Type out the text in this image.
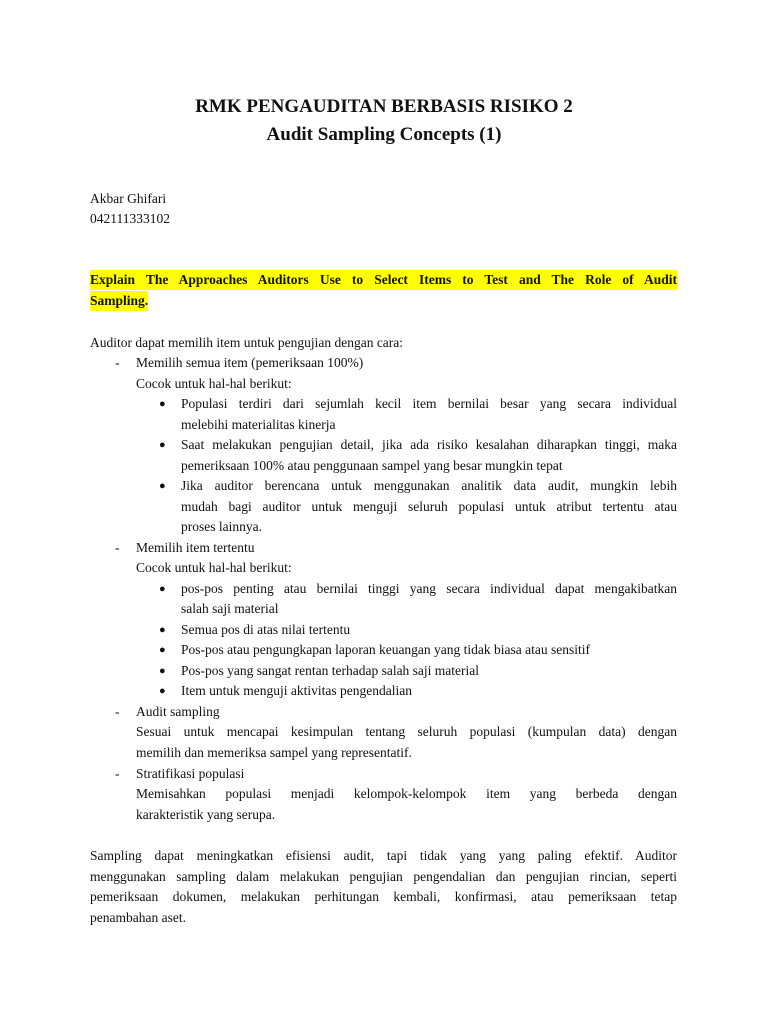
RMK PENGAUDITAN BERBASIS RISIKO 2
Audit Sampling Concepts (1)
Akbar Ghifari
042111333102
Explain The Approaches Auditors Use to Select Items to Test and The Role of Audit
Sampling.
Auditor dapat memilih item untuk pengujian dengan cara:
- Memilih semua item (pemeriksaan 100%)
Cocok untuk hal-hal berikut:
● Populasi terdiri dari sejumlah kecil item bernilai besar yang secara individual
melebihi materialitas kinerja
● Saat melakukan pengujian detail, jika ada risiko kesalahan diharapkan tinggi, maka
pemeriksaan 100% atau penggunaan sampel yang besar mungkin tepat
● Jika auditor berencana untuk menggunakan analitik data audit, mungkin lebih
mudah bagi auditor untuk menguji seluruh populasi untuk atribut tertentu atau
proses lainnya.
- Memilih item tertentu
Cocok untuk hal-hal berikut:
● pos-pos penting atau bernilai tinggi yang secara individual dapat mengakibatkan
salah saji material
● Semua pos di atas nilai tertentu
● Pos-pos atau pengungkapan laporan keuangan yang tidak biasa atau sensitif
● Pos-pos yang sangat rentan terhadap salah saji material
● Item untuk menguji aktivitas pengendalian
- Audit sampling
Sesuai untuk mencapai kesimpulan tentang seluruh populasi (kumpulan data) dengan
memilih dan memeriksa sampel yang representatif.
- Stratifikasi populasi
Memisahkan populasi menjadi kelompok-kelompok item yang berbeda dengan
karakteristik yang serupa.
Sampling dapat meningkatkan efisiensi audit, tapi tidak yang yang paling efektif. Auditor
menggunakan sampling dalam melakukan pengujian pengendalian dan pengujian rincian, seperti
pemeriksaan dokumen, melakukan perhitungan kembali, konfirmasi, atau pemeriksaan tetap
penambahan aset.
